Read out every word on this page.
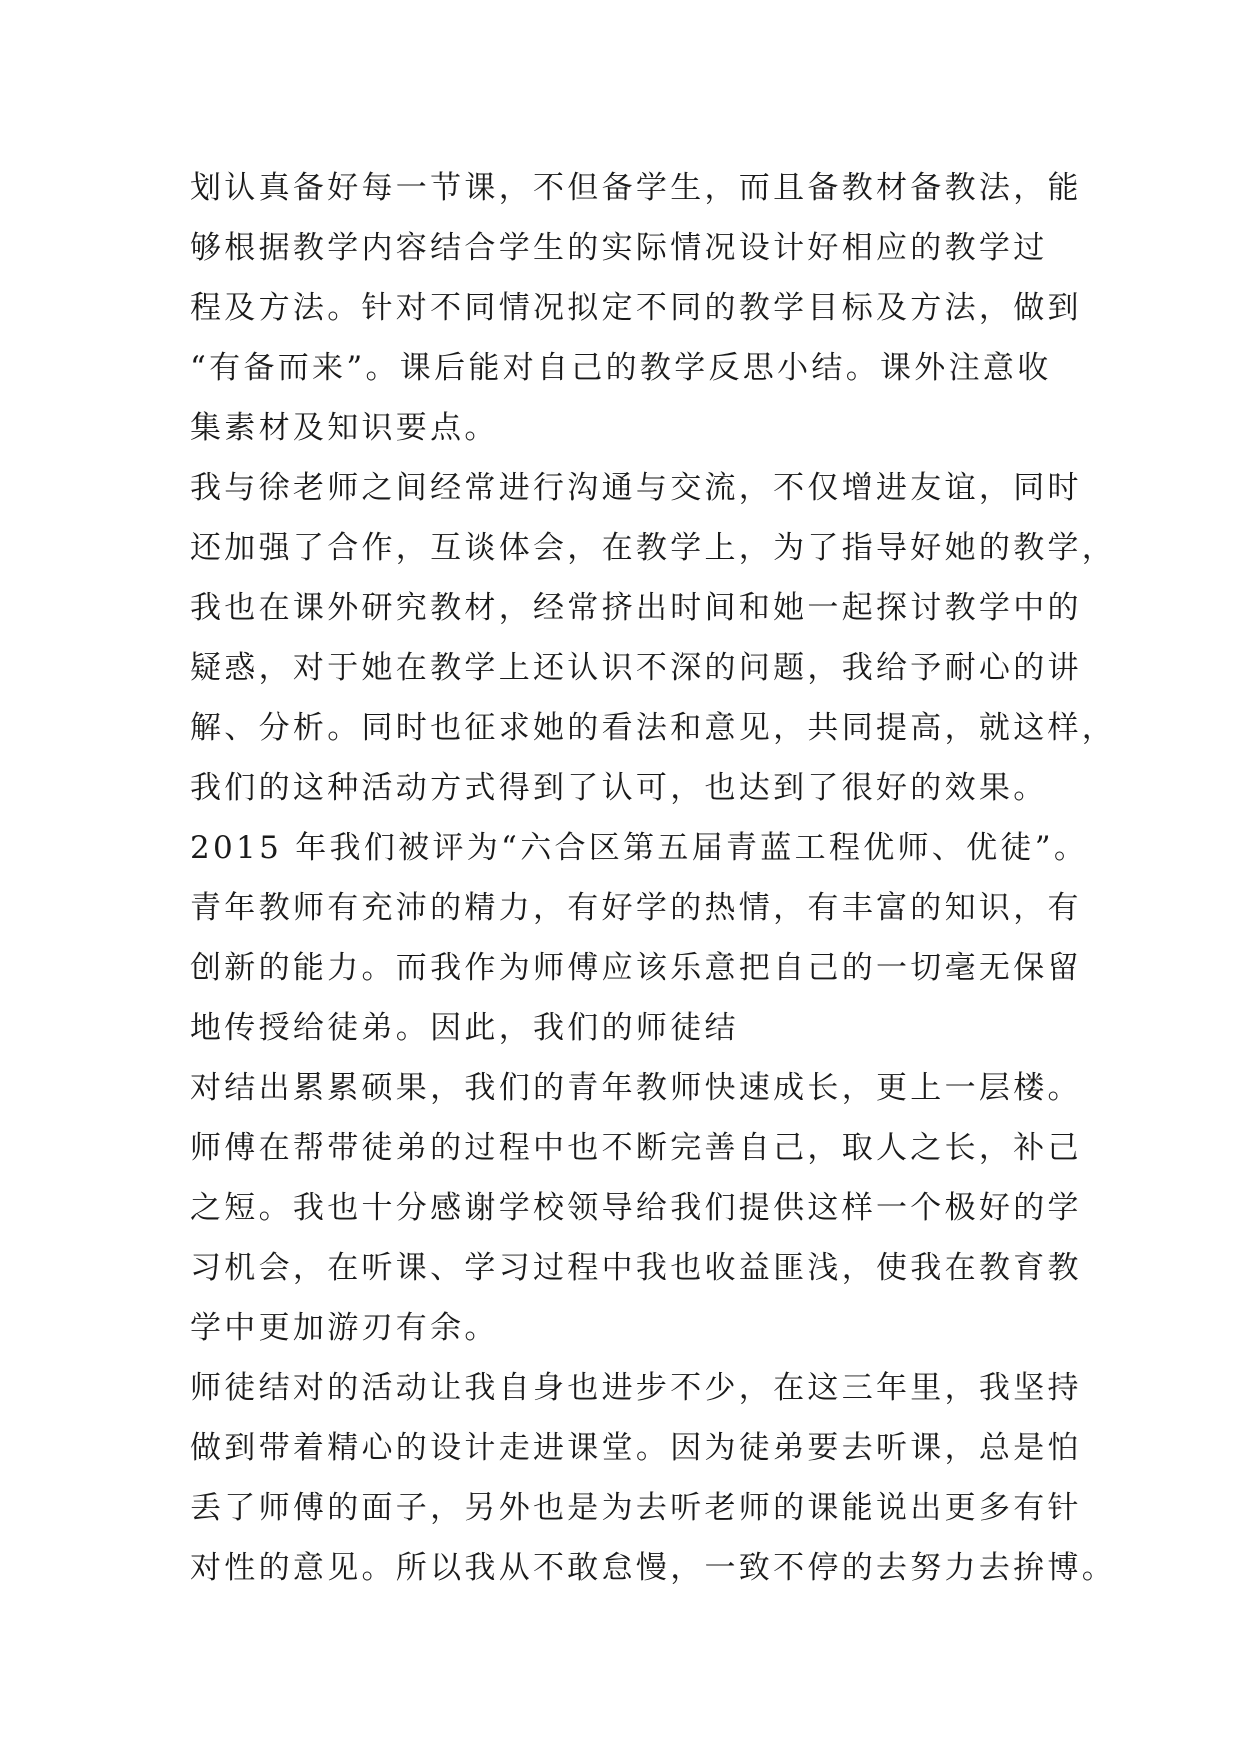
划认真备好每一节课，不但备学生，而且备教材备教法，能
够根据教学内容结合学生的实际情况设计好相应的教学过
程及方法。针对不同情况拟定不同的教学目标及方法，做到
“有备而来”。课后能对自己的教学反思小结。课外注意收
集素材及知识要点。
我与徐老师之间经常进行沟通与交流，不仅增进友谊，同时
还加强了合作，互谈体会，在教学上，为了指导好她的教学，
我也在课外研究教材，经常挤出时间和她一起探讨教学中的
疑惑，对于她在教学上还认识不深的问题，我给予耐心的讲
解、分析。同时也征求她的看法和意见，共同提高，就这样，
我们的这种活动方式得到了认可，也达到了很好的效果。
2015 年我们被评为“六合区第五届青蓝工程优师、优徒”。
青年教师有充沛的精力，有好学的热情，有丰富的知识，有
创新的能力。而我作为师傅应该乐意把自己的一切毫无保留
地传授给徒弟。因此，我们的师徒结
对结出累累硕果，我们的青年教师快速成长，更上一层楼。
师傅在帮带徒弟的过程中也不断完善自己，取人之长，补己
之短。我也十分感谢学校领导给我们提供这样一个极好的学
习机会，在听课、学习过程中我也收益匪浅，使我在教育教
学中更加游刃有余。
师徒结对的活动让我自身也进步不少，在这三年里，我坚持
做到带着精心的设计走进课堂。因为徒弟要去听课，总是怕
丢了师傅的面子，另外也是为去听老师的课能说出更多有针
对性的意见。所以我从不敢怠慢，一致不停的去努力去拚博。
